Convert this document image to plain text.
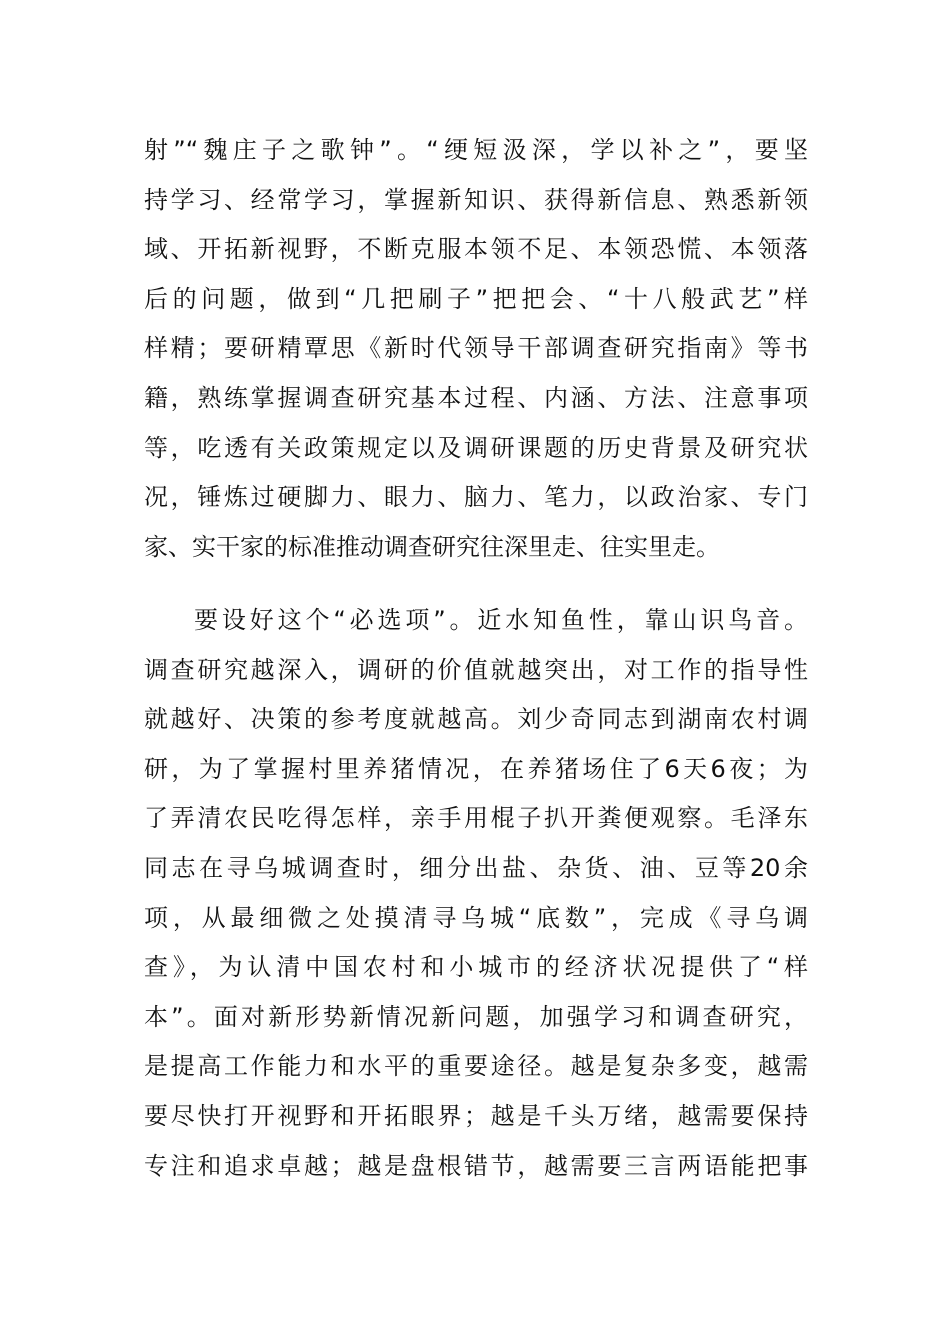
射”“魏庄子之歌钟”。“绠短汲深，学以补之”，要坚
持学习、经常学习，掌握新知识、获得新信息、熟悉新领
域、开拓新视野，不断克服本领不足、本领恐慌、本领落
后的问题，做到“几把刷子”把把会、“十八般武艺”样
样精；要研精覃思《新时代领导干部调查研究指南》等书
籍，熟练掌握调查研究基本过程、内涵、方法、注意事项
等，吃透有关政策规定以及调研课题的历史背景及研究状
况，锤炼过硬脚力、眼力、脑力、笔力，以政治家、专门
家、实干家的标准推动调查研究往深里走、往实里走。
要设好这个“必选项”。近水知鱼性，靠山识鸟音。
调查研究越深入，调研的价值就越突出，对工作的指导性
就越好、决策的参考度就越高。刘少奇同志到湖南农村调
研，为了掌握村里养猪情况，在养猪场住了6天6夜；为
了弄清农民吃得怎样，亲手用棍子扒开粪便观察。毛泽东
同志在寻乌城调查时，细分出盐、杂货、油、豆等20余
项，从最细微之处摸清寻乌城“底数”，完成《寻乌调
查》，为认清中国农村和小城市的经济状况提供了“样
本”。面对新形势新情况新问题，加强学习和调查研究，
是提高工作能力和水平的重要途径。越是复杂多变，越需
要尽快打开视野和开拓眼界；越是千头万绪，越需要保持
专注和追求卓越；越是盘根错节，越需要三言两语能把事
